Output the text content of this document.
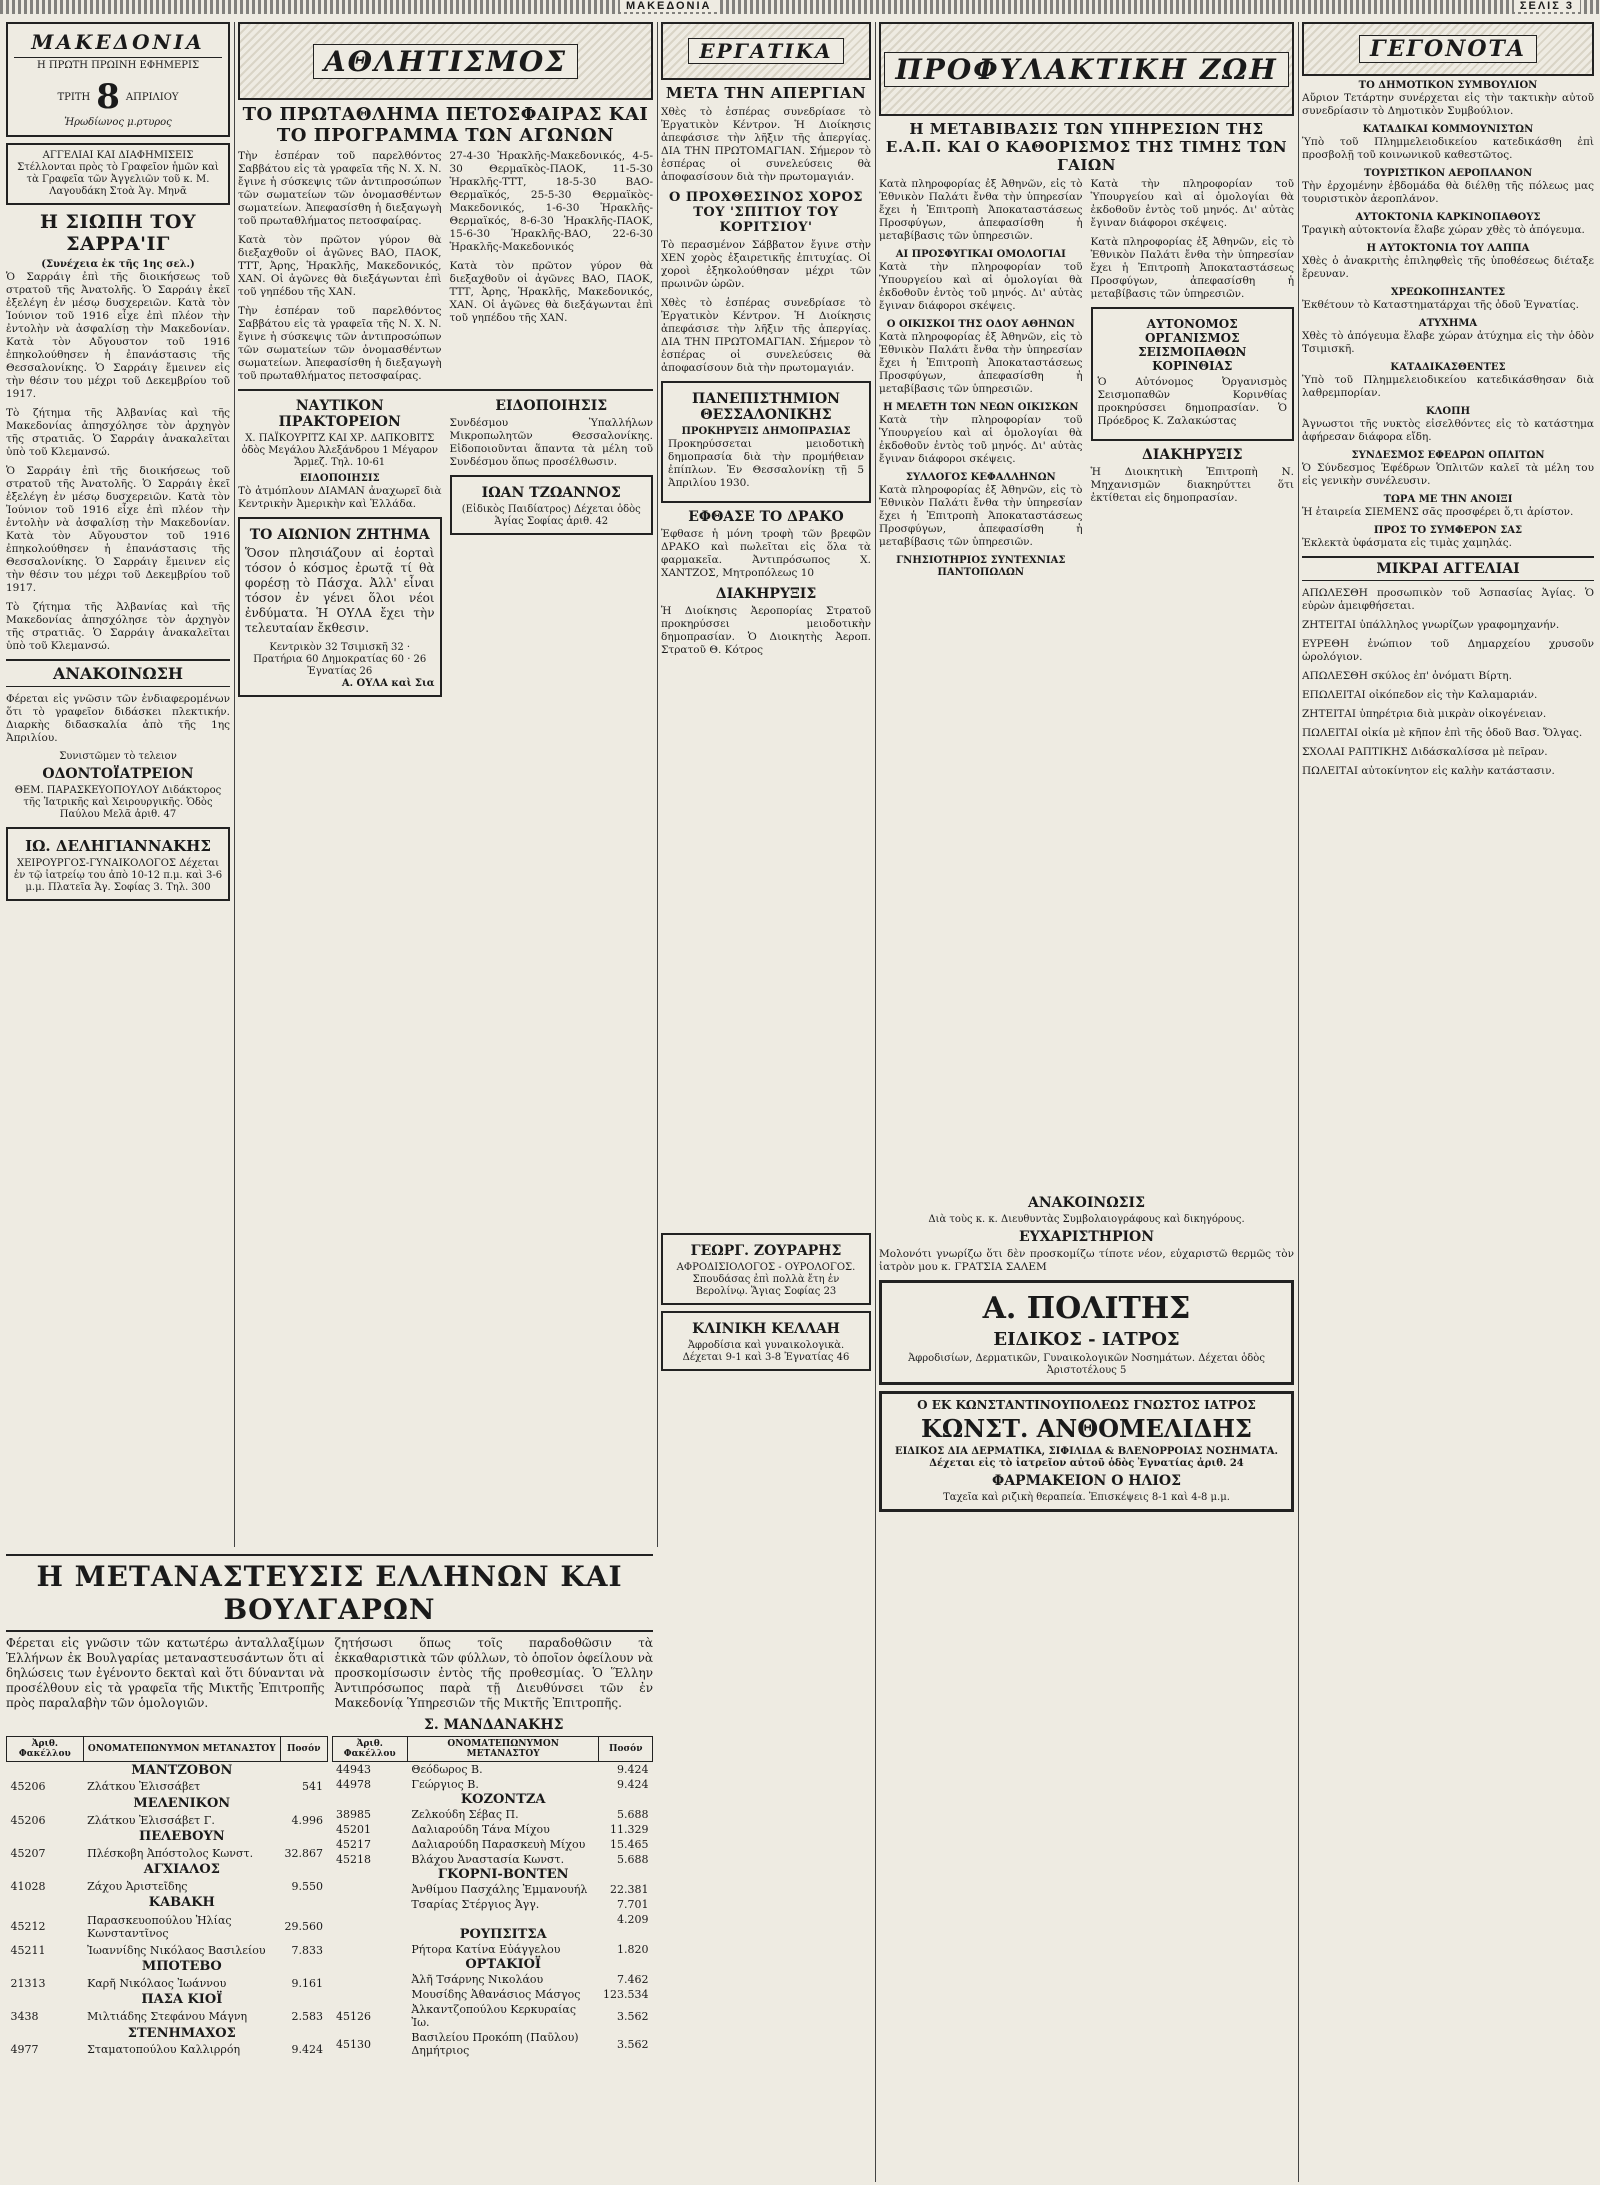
ΜΑΚΕΔΟΝΙΑ	ΣΕΛΙΣ 3
ΜΑΚΕΔΟΝΙΑ
Η ΠΡΩΤΗ ΠΡΩΙΝΗ ΕΦΗΜΕΡΙΣ
ΤΡΙΤΗ 8 ΑΠΡΙΛΙΟΥ
Ἡρωδίωνος μ.ρτυρος
ΑΓΓΕΛΙΑΙ ΚΑΙ ΔΙΑΦΗΜΙΣΕΙΣ Στέλλονται πρὸς τὸ Γραφεῖον ἡμῶν καὶ τὰ Γραφεῖα τῶν Ἀγγελιῶν τοῦ κ. Μ. Λαγουδάκη Στοὰ Ἁγ. Μηνᾶ
Η ΣΙΩΠΗ ΤΟΥ ΣΑΡΡΑ'ΙΓ
(Συνέχεια ἐκ τῆς 1ης σελ.)

Ὁ Σαρράιγ ἐπὶ τῆς διοικήσεως τοῦ στρατοῦ τῆς Ἀνατολῆς. Ὁ Σαρράιγ ἐκεῖ ἐξελέγη ἐν μέσῳ δυσχερειῶν. Κατὰ τὸν Ἰούνιον τοῦ 1916 εἶχε ἐπὶ πλέον τὴν ἐντολὴν νὰ ἀσφαλίσῃ τὴν Μακεδονίαν. Κατὰ τὸν Αὔγουστον τοῦ 1916 ἐπηκολούθησεν ἡ ἐπανάστασις τῆς Θεσσαλονίκης. Ὁ Σαρράιγ ἔμεινεν εἰς τὴν θέσιν του μέχρι τοῦ Δεκεμβρίου τοῦ 1917.

Τὸ ζήτημα τῆς Ἀλβανίας καὶ τῆς Μακεδονίας ἀπησχόλησε τὸν ἀρχηγὸν τῆς στρατιᾶς. Ὁ Σαρράιγ ἀνακαλεῖται ὑπὸ τοῦ Κλεμανσώ.

Ὁ Σαρράιγ ἐπὶ τῆς διοικήσεως τοῦ στρατοῦ τῆς Ἀνατολῆς. Ὁ Σαρράιγ ἐκεῖ ἐξελέγη ἐν μέσῳ δυσχερειῶν. Κατὰ τὸν Ἰούνιον τοῦ 1916 εἶχε ἐπὶ πλέον τὴν ἐντολὴν νὰ ἀσφαλίσῃ τὴν Μακεδονίαν. Κατὰ τὸν Αὔγουστον τοῦ 1916 ἐπηκολούθησεν ἡ ἐπανάστασις τῆς Θεσσαλονίκης. Ὁ Σαρράιγ ἔμεινεν εἰς τὴν θέσιν του μέχρι τοῦ Δεκεμβρίου τοῦ 1917.

Τὸ ζήτημα τῆς Ἀλβανίας καὶ τῆς Μακεδονίας ἀπησχόλησε τὸν ἀρχηγὸν τῆς στρατιᾶς. Ὁ Σαρράιγ ἀνακαλεῖται ὑπὸ τοῦ Κλεμανσώ.

ΑΝΑΚΟΙΝΩΣΗ

Φέρεται εἰς γνῶσιν τῶν ἐνδιαφερομένων ὅτι τὸ γραφεῖον διδάσκει πλεκτικήν. Διαρκὴς διδασκαλία ἀπὸ τῆς 1ης Ἀπριλίου.

Συνιστῶμεν τὸ τελειον
ΟΔΟΝΤΟΪΑΤΡΕΙΟΝ
ΘΕΜ. ΠΑΡΑΣΚΕΥΟΠΟΥΛΟΥ Διδάκτορος τῆς Ἰατρικῆς καὶ Χειρουργικῆς. Ὁδὸς Παύλου Μελᾶ ἀριθ. 47
ΙΩ. ΔΕΛΗΓΙΑΝΝΑΚΗΣ
ΧΕΙΡΟΥΡΓΟΣ-ΓΥΝΑΙΚΟΛΟΓΟΣ Δέχεται ἐν τῷ ἰατρείῳ του ἀπὸ 10-12 π.μ. καὶ 3-6 μ.μ. Πλατεῖα Ἁγ. Σοφίας 3. Τηλ. 300
ΑΘΛΗΤΙΣΜΟΣ
ΤΟ ΠΡΩΤΑΘΛΗΜΑ ΠΕΤΟΣΦΑΙΡΑΣ ΚΑΙ ΤΟ ΠΡΟΓΡΑΜΜΑ ΤΩΝ ΑΓΩΝΩΝ

Τὴν ἐσπέραν τοῦ παρελθόντος Σαββάτου εἰς τὰ γραφεῖα τῆς Ν. Χ. Ν. ἔγινε ἡ σύσκεψις τῶν ἀντιπροσώπων τῶν σωματείων τῶν ὀνομασθέντων σωματείων. Ἀπεφασίσθη ἡ διεξαγωγὴ τοῦ πρωταθλήματος πετοσφαίρας.

Κατὰ τὸν πρῶτον γύρον θὰ διεξαχθοῦν οἱ ἀγῶνες ΒΑΟ, ΠΑΟΚ, ΤΤΤ, Ἀρης, Ἡρακλῆς, Μακεδονικός, ΧΑΝ. Οἱ ἀγῶνες θὰ διεξάγωνται ἐπὶ τοῦ γηπέδου τῆς ΧΑΝ.

Τὴν ἐσπέραν τοῦ παρελθόντος Σαββάτου εἰς τὰ γραφεῖα τῆς Ν. Χ. Ν. ἔγινε ἡ σύσκεψις τῶν ἀντιπροσώπων τῶν σωματείων τῶν ὀνομασθέντων σωματείων. Ἀπεφασίσθη ἡ διεξαγωγὴ τοῦ πρωταθλήματος πετοσφαίρας.

27-4-30 Ἡρακλῆς-Μακεδονικός, 4-5-30 Θερμαϊκὸς-ΠΑΟΚ, 11-5-30 Ἡρακλῆς-ΤΤΤ, 18-5-30 ΒΑΟ-Θερμαϊκός, 25-5-30 Θερμαϊκὸς-Μακεδονικός, 1-6-30 Ἡρακλῆς-Θερμαϊκός, 8-6-30 Ἡρακλῆς-ΠΑΟΚ, 15-6-30 Ἡρακλῆς-ΒΑΟ, 22-6-30 Ἡρακλῆς-Μακεδονικός

Κατὰ τὸν πρῶτον γύρον θὰ διεξαχθοῦν οἱ ἀγῶνες ΒΑΟ, ΠΑΟΚ, ΤΤΤ, Ἀρης, Ἡρακλῆς, Μακεδονικός, ΧΑΝ. Οἱ ἀγῶνες θὰ διεξάγωνται ἐπὶ τοῦ γηπέδου τῆς ΧΑΝ.

ΝΑΥΤΙΚΟΝ ΠΡΑΚΤΟΡΕΙΟΝ
Χ. ΠΑΪΚΟΥΡΙΤΖ ΚΑΙ ΧΡ. ΔΑΠΚΟΒΙΤΣ ὁδὸς Μεγάλου Ἀλεξάνδρου 1 Μέγαρον Ἄρμεζ. Τηλ. 10-61
ΕΙΔΟΠΟΙΗΣΙΣ

Τὸ ἀτμόπλουν ΔΙΑΜΑΝ ἀναχωρεῖ διὰ Κεντρικὴν Ἀμερικὴν καὶ Ἑλλάδα.

ΤΟ ΑΙΩΝΙΟΝ ΖΗΤΗΜΑ

Ὅσον πλησιάζουν αἱ ἑορταὶ τόσον ὁ κόσμος ἐρωτᾷ τί θὰ φορέσῃ τὸ Πάσχα. Ἀλλ' εἶναι τόσον ἐν γένει ὅλοι νέοι ἐνδύματα. Ἡ ΟΥΛΑ ἔχει τὴν τελευταίαν ἔκθεσιν.

Κεντρικὸν 32 Τσιμισκῆ 32 · Πρατήρια 60 Δημοκρατίας 60 · 26 Ἐγνατίας 26
Α. ΟΥΛΑ καὶ Σια
ΕΙΔΟΠΟΙΗΣΙΣ

Συνδέσμου Ὑπαλλήλων Μικροπωλητῶν Θεσσαλονίκης. Εἰδοποιοῦνται ἅπαντα τὰ μέλη τοῦ Συνδέσμου ὅπως προσέλθωσιν.

ΙΩΑΝ ΤΖΩΑΝΝΟΣ
(Εἰδικὸς Παιδίατρος) Δέχεται ὁδὸς Ἁγίας Σοφίας ἀριθ. 42
ΕΡΓΑΤΙΚΑ
ΜΕΤΑ ΤΗΝ ΑΠΕΡΓΙΑΝ

Χθὲς τὸ ἑσπέρας συνεδρίασε τὸ Ἐργατικὸν Κέντρον. Ἡ Διοίκησις ἀπεφάσισε τὴν λῆξιν τῆς ἀπεργίας. ΔΙΑ ΤΗΝ ΠΡΩΤΟΜΑΓΙΑΝ. Σήμερον τὸ ἑσπέρας οἱ συνελεύσεις θὰ ἀποφασίσουν διὰ τὴν πρωτομαγιάν.

Ο ΠΡΟΧΘΕΣΙΝΟΣ ΧΟΡΟΣ ΤΟΥ 'ΣΠΙΤΙΟΥ ΤΟΥ ΚΟΡΙΤΣΙΟΥ'

Τὸ περασμένον Σάββατον ἔγινε στὴν ΧΕΝ χορὸς ἐξαιρετικῆς ἐπιτυχίας. Οἱ χοροὶ ἐξηκολούθησαν μέχρι τῶν πρωινῶν ὡρῶν.

Χθὲς τὸ ἑσπέρας συνεδρίασε τὸ Ἐργατικὸν Κέντρον. Ἡ Διοίκησις ἀπεφάσισε τὴν λῆξιν τῆς ἀπεργίας. ΔΙΑ ΤΗΝ ΠΡΩΤΟΜΑΓΙΑΝ. Σήμερον τὸ ἑσπέρας οἱ συνελεύσεις θὰ ἀποφασίσουν διὰ τὴν πρωτομαγιάν.

ΠΑΝΕΠΙΣΤΗΜΙΟΝ ΘΕΣΣΑΛΟΝΙΚΗΣ
ΠΡΟΚΗΡΥΞΙΣ ΔΗΜΟΠΡΑΣΙΑΣ

Προκηρύσσεται μειοδοτικὴ δημοπρασία διὰ τὴν προμήθειαν ἐπίπλων. Ἐν Θεσσαλονίκῃ τῇ 5 Ἀπριλίου 1930.

ΕΦΘΑΣΕ ΤΟ ΔΡΑΚΟ

Ἐφθασε ἡ μόνη τροφὴ τῶν βρεφῶν ΔΡΑΚΟ καὶ πωλεῖται εἰς ὅλα τὰ φαρμακεῖα. Ἀντιπρόσωπος Χ. ΧΑΝΤΖΟΣ, Μητροπόλεως 10

ΔΙΑΚΗΡΥΞΙΣ

Ἡ Διοίκησις Ἀεροπορίας Στρατοῦ προκηρύσσει μειοδοτικὴν δημοπρασίαν. Ὁ Διοικητὴς Ἀεροπ. Στρατοῦ Θ. Κότρος

ΓΕΩΡΓ. ΖΟΥΡΑΡΗΣ
ΑΦΡΟΔΙΣΙΟΛΟΓΟΣ - ΟΥΡΟΛΟΓΟΣ. Σπουδάσας ἐπὶ πολλὰ ἔτη ἐν Βερολίνῳ. Ἅγιας Σοφίας 23
ΚΛΙΝΙΚΗ ΚΕΛΛΑΗ
Ἀφροδίσια καὶ γυναικολογικὰ. Δέχεται 9-1 καὶ 3-8 Ἐγνατίας 46
ΠΡΟΦΥΛΑΚΤΙΚΗ ΖΩΗ
Η ΜΕΤΑΒΙΒΑΣΙΣ ΤΩΝ ΥΠΗΡΕΣΙΩΝ ΤΗΣ Ε.Α.Π. ΚΑΙ Ο ΚΑΘΟΡΙΣΜΟΣ ΤΗΣ ΤΙΜΗΣ ΤΩΝ ΓΑΙΩΝ

Κατὰ πληροφορίας ἐξ Ἀθηνῶν, εἰς τὸ Ἐθνικὸν Παλάτι ἔνθα τὴν ὑπηρεσίαν ἔχει ἡ Ἐπιτροπὴ Ἀποκαταστάσεως Προσφύγων, ἀπεφασίσθη ἡ μεταβίβασις τῶν ὑπηρεσιῶν.

ΑΙ ΠΡΟΣΦΥΓΙΚΑΙ ΟΜΟΛΟΓΙΑΙ

Κατὰ τὴν πληροφορίαν τοῦ Ὑπουργείου καὶ αἱ ὁμολογίαι θὰ ἐκδοθοῦν ἐντὸς τοῦ μηνός. Δι' αὐτὰς ἔγιναν διάφοροι σκέψεις.

Ο ΟΙΚΙΣΚΟΙ ΤΗΣ ΟΔΟΥ ΑΘΗΝΩΝ

Κατὰ πληροφορίας ἐξ Ἀθηνῶν, εἰς τὸ Ἐθνικὸν Παλάτι ἔνθα τὴν ὑπηρεσίαν ἔχει ἡ Ἐπιτροπὴ Ἀποκαταστάσεως Προσφύγων, ἀπεφασίσθη ἡ μεταβίβασις τῶν ὑπηρεσιῶν.

Η ΜΕΛΕΤΗ ΤΩΝ ΝΕΩΝ ΟΙΚΙΣΚΩΝ

Κατὰ τὴν πληροφορίαν τοῦ Ὑπουργείου καὶ αἱ ὁμολογίαι θὰ ἐκδοθοῦν ἐντὸς τοῦ μηνός. Δι' αὐτὰς ἔγιναν διάφοροι σκέψεις.

ΣΥΛΛΟΓΟΣ ΚΕΦΑΛΛΗΝΩΝ

Κατὰ πληροφορίας ἐξ Ἀθηνῶν, εἰς τὸ Ἐθνικὸν Παλάτι ἔνθα τὴν ὑπηρεσίαν ἔχει ἡ Ἐπιτροπὴ Ἀποκαταστάσεως Προσφύγων, ἀπεφασίσθη ἡ μεταβίβασις τῶν ὑπηρεσιῶν.

ΓΝΗΣΙΟΤΗΡΙΟΣ ΣΥΝΤΕΧΝΙΑΣ ΠΑΝΤΟΠΩΛΩΝ

Κατὰ τὴν πληροφορίαν τοῦ Ὑπουργείου καὶ αἱ ὁμολογίαι θὰ ἐκδοθοῦν ἐντὸς τοῦ μηνός. Δι' αὐτὰς ἔγιναν διάφοροι σκέψεις.

Κατὰ πληροφορίας ἐξ Ἀθηνῶν, εἰς τὸ Ἐθνικὸν Παλάτι ἔνθα τὴν ὑπηρεσίαν ἔχει ἡ Ἐπιτροπὴ Ἀποκαταστάσεως Προσφύγων, ἀπεφασίσθη ἡ μεταβίβασις τῶν ὑπηρεσιῶν.

ΑΥΤΟΝΟΜΟΣ ΟΡΓΑΝΙΣΜΟΣ ΣΕΙΣΜΟΠΑΘΩΝ ΚΟΡΙΝΘΙΑΣ

Ὁ Αὐτόνομος Ὀργανισμὸς Σεισμοπαθῶν Κορινθίας προκηρύσσει δημοπρασίαν. Ὁ Πρόεδρος Κ. Ζαλακώστας

ΔΙΑΚΗΡΥΞΙΣ

Ἡ Διοικητικὴ Ἐπιτροπὴ Ν. Μηχανισμῶν διακηρύττει ὅτι ἐκτίθεται εἰς δημοπρασίαν.

ΑΝΑΚΟΙΝΩΣΙΣ
Διὰ τοὺς κ. κ. Διευθυντὰς Συμβολαιογράφους καὶ δικηγόρους.
ΕΥΧΑΡΙΣΤΗΡΙΟΝ

Μολονότι γνωρίζω ὅτι δὲν προσκομίζω τίποτε νέον, εὐχαριστῶ θερμῶς τὸν ἰατρὸν μου κ. ΓΡΑΤΣΙΑ ΣΑΛΕΜ

Α. ΠΟΛΙΤΗΣ
ΕΙΔΙΚΟΣ - ΙΑΤΡΟΣ
Ἀφροδισίων, Δερματικῶν, Γυναικολογικῶν Νοσημάτων. Δέχεται ὁδὸς Ἀριστοτέλους 5
Ο ΕΚ ΚΩΝΣΤΑΝΤΙΝΟΥΠΟΛΕΩΣ ΓΝΩΣΤΟΣ ΙΑΤΡΟΣ
ΚΩΝΣΤ. ΑΝΘΟΜΕΛΙΔΗΣ
ΕΙΔΙΚΟΣ ΔΙΑ ΔΕΡΜΑΤΙΚΑ, ΣΙΦΙΛΙΔΑ & ΒΛΕΝΟΡΡΟΙΑΣ ΝΟΣΗΜΑΤΑ. Δέχεται εἰς τὸ ἰατρεῖον αὐτοῦ ὁδὸς Ἐγνατίας ἀριθ. 24
ΦΑΡΜΑΚΕΙΟΝ Ο ΗΛΙΟΣ
Ταχεῖα καὶ ριζικὴ θεραπεία. Ἐπισκέψεις 8-1 καὶ 4-8 μ.μ.
ΓΕΓΟΝΟΤΑ
ΤΟ ΔΗΜΟΤΙΚΟΝ ΣΥΜΒΟΥΛΙΟΝ

Αὔριον Τετάρτην συνέρχεται εἰς τὴν τακτικὴν αὐτοῦ συνεδρίασιν τὸ Δημοτικὸν Συμβούλιον.

ΚΑΤΑΔΙΚΑΙ ΚΟΜΜΟΥΝΙΣΤΩΝ

Ὑπὸ τοῦ Πλημμελειοδικείου κατεδικάσθη ἐπὶ προσβολῇ τοῦ κοινωνικοῦ καθεστῶτος.

ΤΟΥΡΙΣΤΙΚΟΝ ΑΕΡΟΠΛΑΝΟΝ

Τὴν ἐρχομένην ἑβδομάδα θὰ διέλθῃ τῆς πόλεως μας τουριστικὸν ἀεροπλάνον.

ΑΥΤΟΚΤΟΝΙΑ ΚΑΡΚΙΝΟΠΑΘΟΥΣ

Τραγικὴ αὐτοκτονία ἔλαβε χώραν χθὲς τὸ ἀπόγευμα.

Η ΑΥΤΟΚΤΟΝΙΑ ΤΟΥ ΛΑΠΠΑ

Χθὲς ὁ ἀνακριτὴς ἐπιληφθεὶς τῆς ὑποθέσεως διέταξε ἔρευναν.

ΧΡΕΩΚΟΠΗΣΑΝΤΕΣ

Ἐκθέτουν τὸ Καταστηματάρχαι τῆς ὁδοῦ Ἐγνατίας.

ΑΤΥΧΗΜΑ

Χθὲς τὸ ἀπόγευμα ἔλαβε χώραν ἀτύχημα εἰς τὴν ὁδὸν Τσιμισκῆ.

ΚΑΤΑΔΙΚΑΣΘΕΝΤΕΣ

Ὑπὸ τοῦ Πλημμελειοδικείου κατεδικάσθησαν διὰ λαθρεμπορίαν.

ΚΛΟΠΗ

Ἀγνωστοι τῆς νυκτὸς εἰσελθόντες εἰς τὸ κατάστημα ἀφήρεσαν διάφορα εἴδη.

ΣΥΝΔΕΣΜΟΣ ΕΦΕΔΡΩΝ ΟΠΛΙΤΩΝ

Ὁ Σύνδεσμος Ἐφέδρων Ὁπλιτῶν καλεῖ τὰ μέλη του εἰς γενικὴν συνέλευσιν.

ΤΩΡΑ ΜΕ ΤΗΝ ΑΝΟΙΞΙ

Ἡ ἐταιρεία ΣΙΕΜΕΝΣ σᾶς προσφέρει ὅ,τι ἀρίστον.

ΠΡΟΣ ΤΟ ΣΥΜΦΕΡΟΝ ΣΑΣ

Ἐκλεκτὰ ὑφάσματα εἰς τιμὰς χαμηλάς.

ΜΙΚΡΑΙ ΑΓΓΕΛΙΑΙ

ΑΠΩΛΕΣΘΗ προσωπικὸν τοῦ Ἀσπασίας Ἁγίας. Ὁ εὑρὼν ἀμειφθήσεται.

ΖΗΤΕΙΤΑΙ ὑπάλληλος γνωρίζων γραφομηχανήν.

ΕΥΡΕΘΗ ἐνώπιον τοῦ Δημαρχείου χρυσοῦν ὡρολόγιον.

ΑΠΩΛΕΣΘΗ σκύλος ἐπ' ὀνόματι Βίρτη.

ΕΠΩΛΕΙΤΑΙ οἰκόπεδον εἰς τὴν Καλαμαριάν.

ΖΗΤΕΙΤΑΙ ὑπηρέτρια διὰ μικρὰν οἰκογένειαν.

ΠΩΛΕΙΤΑΙ οἰκία μὲ κῆπον ἐπὶ τῆς ὁδοῦ Βασ. Ὄλγας.

ΣΧΟΛΑΙ ΡΑΠΤΙΚΗΣ Διδάσκαλίσσα μὲ πεῖραν.

ΠΩΛΕΙΤΑΙ αὐτοκίνητον εἰς καλὴν κατάστασιν.

Η ΜΕΤΑΝΑΣΤΕΥΣΙΣ ΕΛΛΗΝΩΝ ΚΑΙ ΒΟΥΛΓΑΡΩΝ

Φέρεται εἰς γνῶσιν τῶν κατωτέρω ἀνταλλαξίμων Ἑλλήνων ἐκ Βουλγαρίας μεταναστευσάντων ὅτι αἱ δηλώσεις των ἐγένοντο δεκταὶ καὶ ὅτι δύνανται νὰ προσέλθουν εἰς τὰ γραφεῖα τῆς Μικτῆς Ἐπιτροπῆς πρὸς παραλαβὴν τῶν ὁμολογιῶν.

ζητήσωσι ὅπως τοῖς παραδοθῶσιν τὰ ἐκκαθαριστικὰ τῶν φύλλων, τὸ ὁποῖον ὁφείλουν νὰ προσκομίσωσιν ἐντὸς τῆς προθεσμίας. Ὁ Ἕλλην Ἀντιπρόσωπος παρὰ τῇ Διευθύνσει τῶν ἐν Μακεδονίᾳ Ὑπηρεσιῶν τῆς Μικτῆς Ἐπιτροπῆς.

Σ. ΜΑΝΔΑΝΑΚΗΣ
Ἀριθ. Φακέλλου	ΟΝΟΜΑΤΕΠΩΝΥΜΟΝ ΜΕΤΑΝΑΣΤΟΥ	Ποσόν
	ΜΑΝΤΖΟΒΟΝ	
45206	Ζλάτκου Ἐλισσάβετ	541
	ΜΕΛΕΝΙΚΟΝ	
45206	Ζλάτκου Ἐλισσάβετ Γ.	4.996
	ΠΕΛΕΒΟΥΝ	
45207	Πλέσκοβη Ἀπόστολος Κωνστ.	32.867
	ΑΓΧΙΑΛΟΣ	
41028	Ζάχου Ἀριστεῖδης	9.550
	ΚΑΒΑΚΗ	
45212	Παρασκευοπούλου Ἡλίας Κωνσταντῖνος	29.560
45211	Ἰωαννίδης Νικόλαος Βασιλείου	7.833
	ΜΠΟΤΕΒΟ	
21313	Καρῆ Νικόλαος Ἰωάννου	9.161
	ΠΑΣΑ ΚΙΟΪ	
3438	Μιλτιάδης Στεφάνου Μάγνη	2.583
	ΣΤΕΝΗΜΑΧΟΣ	
4977	Σταματοπούλου Καλλιρρόη	9.424
Ἀριθ. Φακέλλου	ΟΝΟΜΑΤΕΠΩΝΥΜΟΝ ΜΕΤΑΝΑΣΤΟΥ	Ποσόν
44943	Θεόδωρος Β.	9.424
44978	Γεώργιος Β.	9.424
	ΚΟΖΟΝΤΖΑ	
38985	Ζελκούδη Σέβας Π.	5.688
45201	Δαλιαρούδη Τάνα Μίχου	11.329
45217	Δαλιαρούδη Παρασκευὴ Μίχου	15.465
45218	Βλάχου Ἀναστασία Κωνστ.	5.688
	ΓΚΟΡΝΙ-ΒΟΝΤΕΝ	
	Ἀνθίμου Πασχάλης Ἐμμανουήλ	22.381
	Τσαρίας Στέργιος Ἀγγ.	7.701
		4.209
	ΡΟΥΠΣΙΤΣΑ	
	Ρήτορα Κατίνα Εὐάγγελου	1.820
	ΟΡΤΑΚΙΟΪ	
	Ἀλῆ Τσάρνης Νικολάου	7.462
	Μουσίδης Ἀθανάσιος Μάσγος	123.534
45126	Ἀλκαντζοπούλου Κερκυραίας Ἰω.	3.562
45130	Βασιλείου Προκόπη (Παῦλου) Δημήτριος	3.562
